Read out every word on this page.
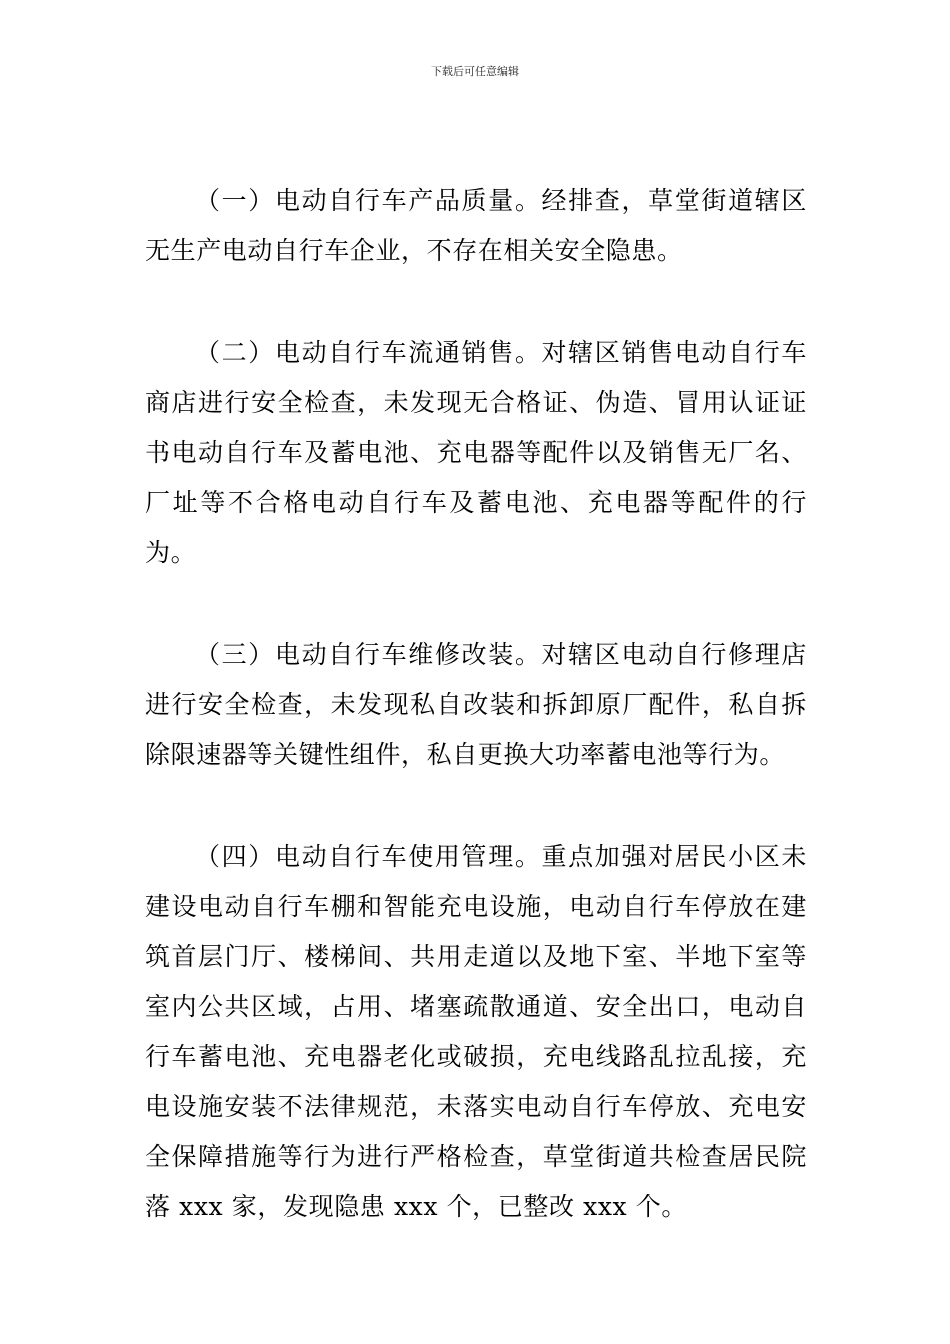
下载后可任意编辑

（一）电动自行车产品质量。经排查，草堂街道辖区无生产电动自行车企业，不存在相关安全隐患。

（二）电动自行车流通销售。对辖区销售电动自行车商店进行安全检查，未发现无合格证、伪造、冒用认证证书电动自行车及蓄电池、充电器等配件以及销售无厂名、厂址等不合格电动自行车及蓄电池、充电器等配件的行为。

（三）电动自行车维修改装。对辖区电动自行修理店进行安全检查，未发现私自改装和拆卸原厂配件，私自拆除限速器等关键性组件，私自更换大功率蓄电池等行为。

（四）电动自行车使用管理。重点加强对居民小区未建设电动自行车棚和智能充电设施，电动自行车停放在建筑首层门厅、楼梯间、共用走道以及地下室、半地下室等室内公共区域，占用、堵塞疏散通道、安全出口，电动自行车蓄电池、充电器老化或破损，充电线路乱拉乱接，充电设施安装不法律规范，未落实电动自行车停放、充电安全保障措施等行为进行严格检查，草堂街道共检查居民院落 xxx 家，发现隐患 xxx 个，已整改 xxx 个。
